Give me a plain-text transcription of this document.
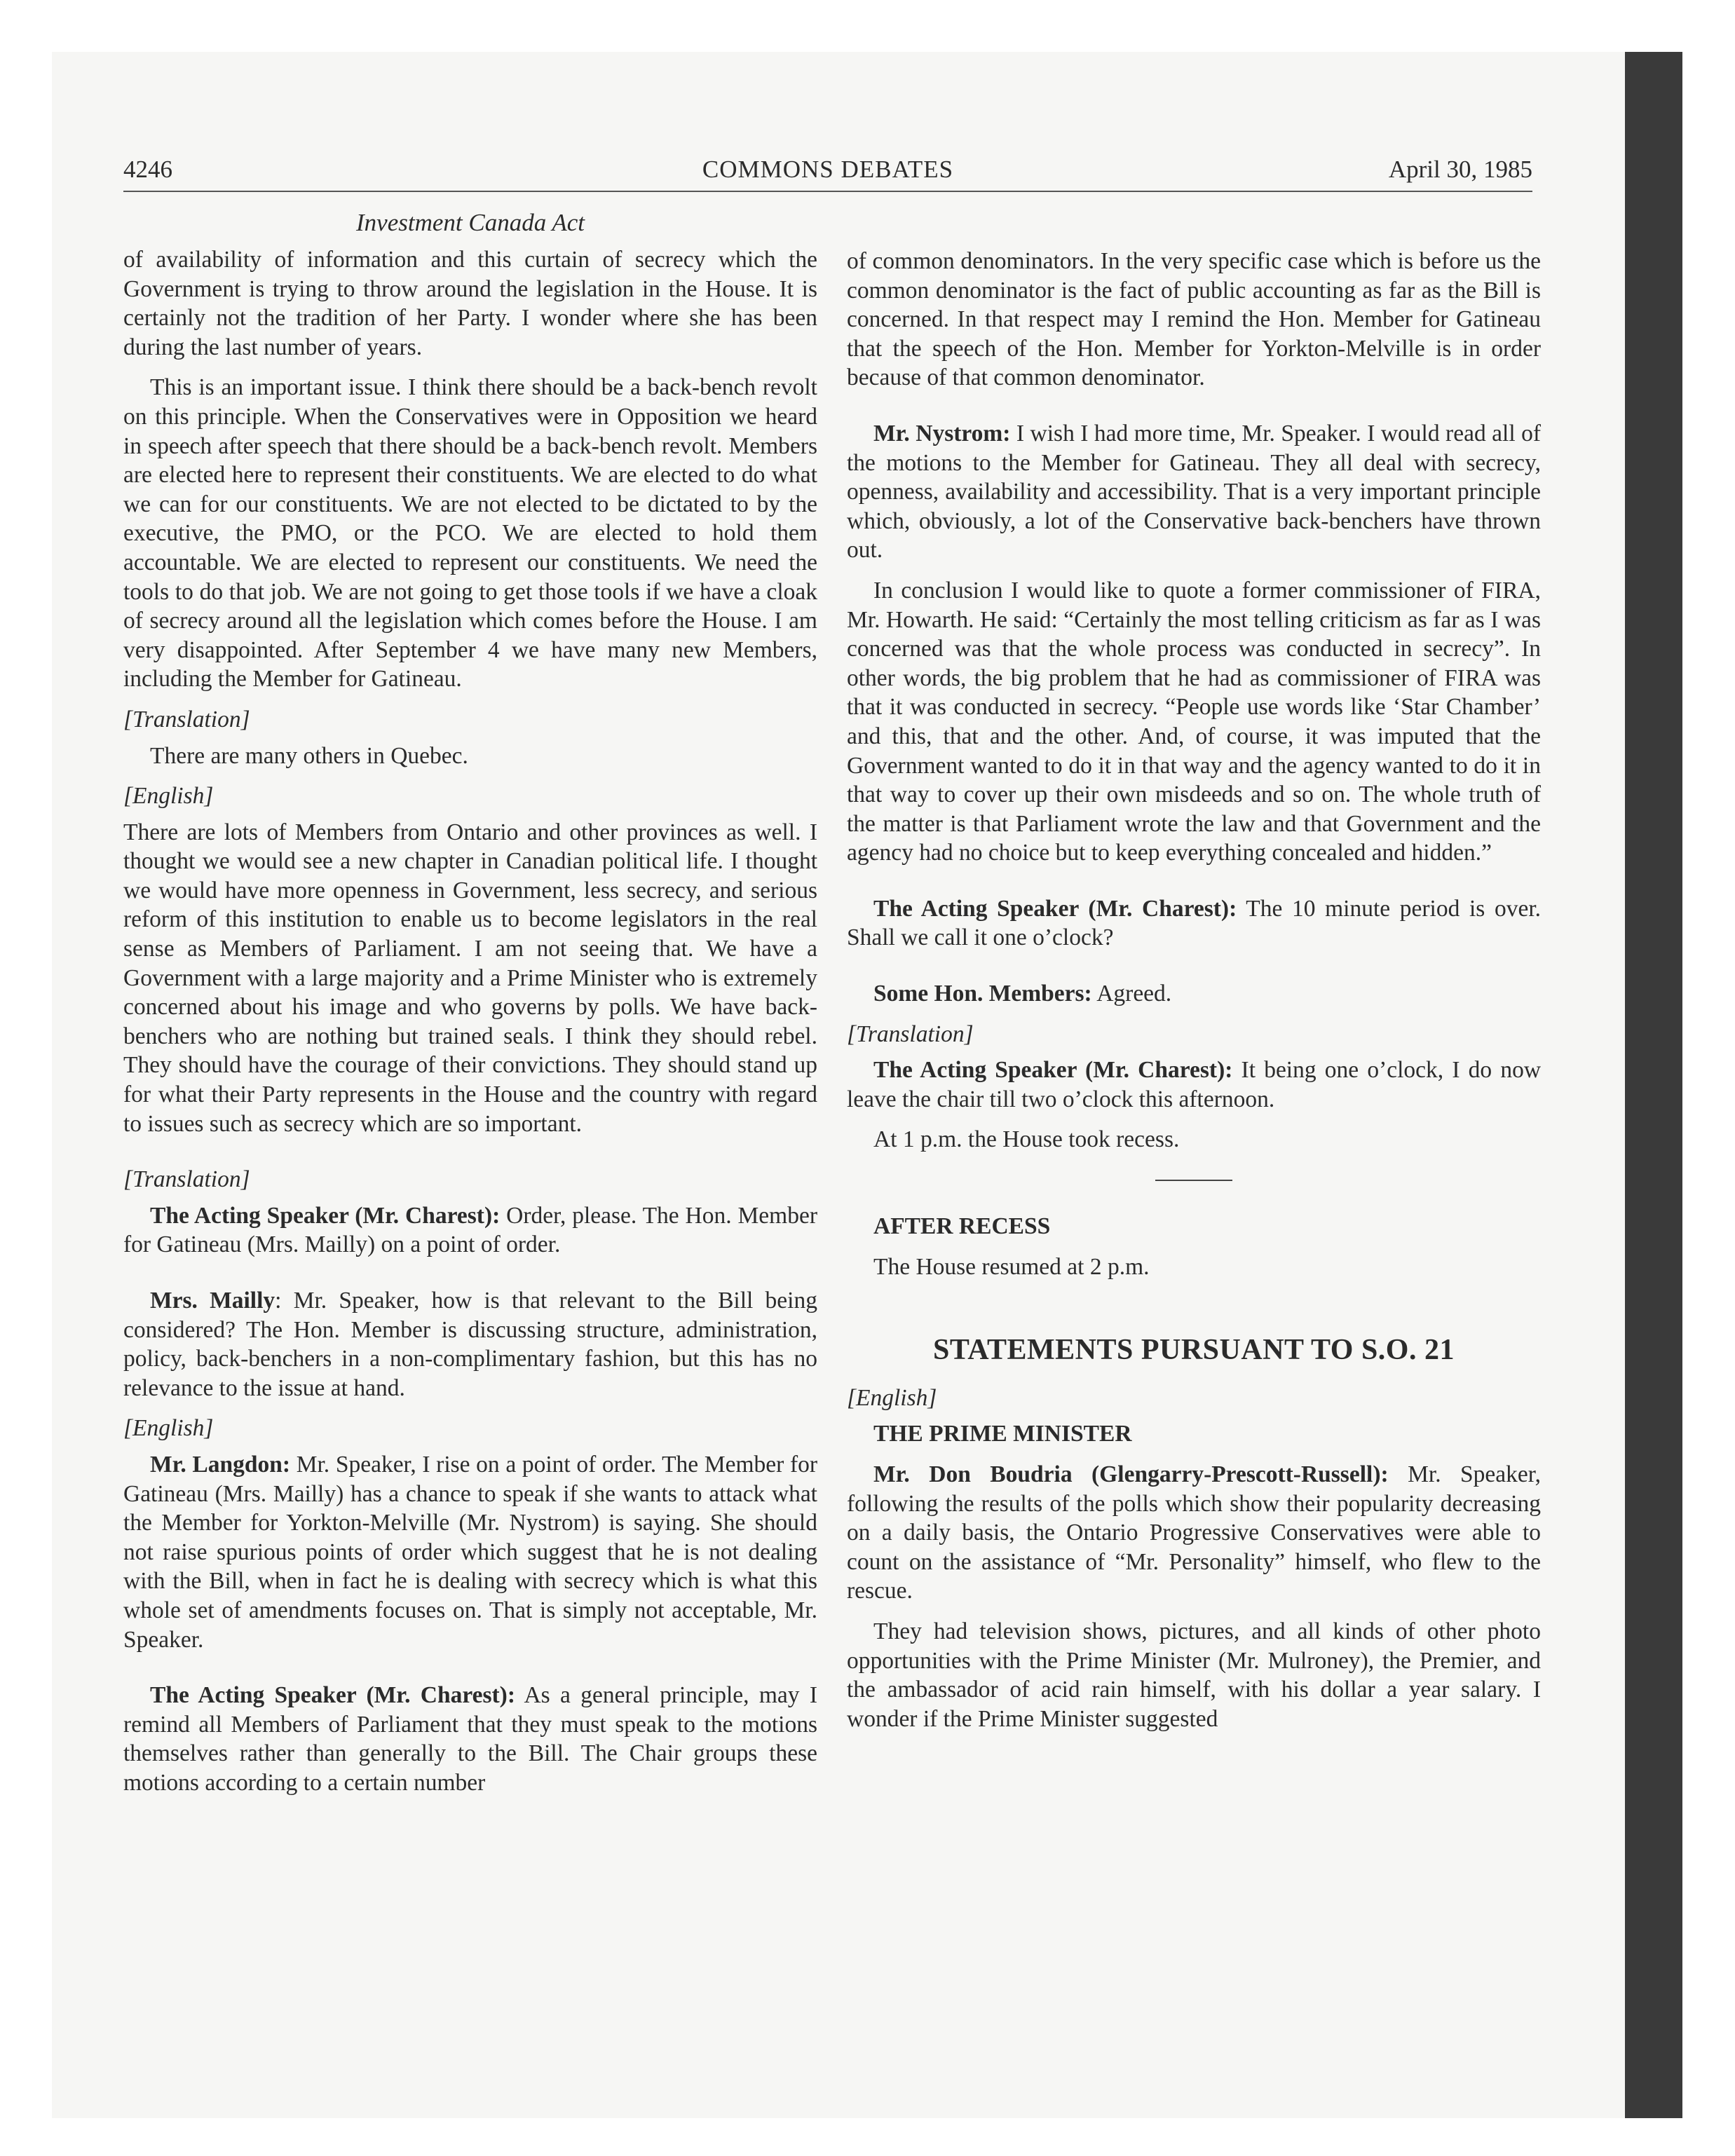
4246	COMMONS DEBATES	April 30, 1985
Investment Canada Act

of availability of information and this curtain of secrecy which the Government is trying to throw around the legislation in the House. It is certainly not the tradition of her Party. I wonder where she has been during the last number of years.

This is an important issue. I think there should be a back-bench revolt on this principle. When the Conservatives were in Opposition we heard in speech after speech that there should be a back-bench revolt. Members are elected here to represent their constituents. We are elected to do what we can for our constituents. We are not elected to be dictated to by the executive, the PMO, or the PCO. We are elected to hold them accountable. We are elected to represent our constituents. We need the tools to do that job. We are not going to get those tools if we have a cloak of secrecy around all the legislation which comes before the House. I am very disappointed. After September 4 we have many new Members, including the Member for Gatineau.

[Translation]

There are many others in Quebec.

[English]

There are lots of Members from Ontario and other provinces as well. I thought we would see a new chapter in Canadian political life. I thought we would have more openness in Government, less secrecy, and serious reform of this institution to enable us to become legislators in the real sense as Members of Parliament. I am not seeing that. We have a Government with a large majority and a Prime Minister who is extremely concerned about his image and who governs by polls. We have back-benchers who are nothing but trained seals. I think they should rebel. They should have the courage of their convictions. They should stand up for what their Party represents in the House and the country with regard to issues such as secrecy which are so important.

[Translation]

The Acting Speaker (Mr. Charest): Order, please. The Hon. Member for Gatineau (Mrs. Mailly) on a point of order.

Mrs. Mailly: Mr. Speaker, how is that relevant to the Bill being considered? The Hon. Member is discussing structure, administration, policy, back-benchers in a non-complimentary fashion, but this has no relevance to the issue at hand.

[English]

Mr. Langdon: Mr. Speaker, I rise on a point of order. The Member for Gatineau (Mrs. Mailly) has a chance to speak if she wants to attack what the Member for Yorkton-Melville (Mr. Nystrom) is saying. She should not raise spurious points of order which suggest that he is not dealing with the Bill, when in fact he is dealing with secrecy which is what this whole set of amendments focuses on. That is simply not acceptable, Mr. Speaker.

The Acting Speaker (Mr. Charest): As a general principle, may I remind all Members of Parliament that they must speak to the motions themselves rather than generally to the Bill. The Chair groups these motions according to a certain number

of common denominators. In the very specific case which is before us the common denominator is the fact of public accounting as far as the Bill is concerned. In that respect may I remind the Hon. Member for Gatineau that the speech of the Hon. Member for Yorkton-Melville is in order because of that common denominator.

Mr. Nystrom: I wish I had more time, Mr. Speaker. I would read all of the motions to the Member for Gatineau. They all deal with secrecy, openness, availability and accessibility. That is a very important principle which, obviously, a lot of the Conservative back-benchers have thrown out.

In conclusion I would like to quote a former commissioner of FIRA, Mr. Howarth. He said: “Certainly the most telling criticism as far as I was concerned was that the whole process was conducted in secrecy”. In other words, the big problem that he had as commissioner of FIRA was that it was conducted in secrecy. “People use words like ‘Star Chamber’ and this, that and the other. And, of course, it was imputed that the Government wanted to do it in that way and the agency wanted to do it in that way to cover up their own misdeeds and so on. The whole truth of the matter is that Parliament wrote the law and that Government and the agency had no choice but to keep everything concealed and hidden.”

The Acting Speaker (Mr. Charest): The 10 minute period is over. Shall we call it one o’clock?

Some Hon. Members: Agreed.

[Translation]

The Acting Speaker (Mr. Charest): It being one o’clock, I do now leave the chair till two o’clock this afternoon.

At 1 p.m. the House took recess.

AFTER RECESS

The House resumed at 2 p.m.

STATEMENTS PURSUANT TO S.O. 21

[English]

THE PRIME MINISTER

Mr. Don Boudria (Glengarry-Prescott-Russell): Mr. Speaker, following the results of the polls which show their popularity decreasing on a daily basis, the Ontario Progressive Conservatives were able to count on the assistance of “Mr. Personality” himself, who flew to the rescue.

They had television shows, pictures, and all kinds of other photo opportunities with the Prime Minister (Mr. Mulroney), the Premier, and the ambassador of acid rain himself, with his dollar a year salary. I wonder if the Prime Minister suggested
